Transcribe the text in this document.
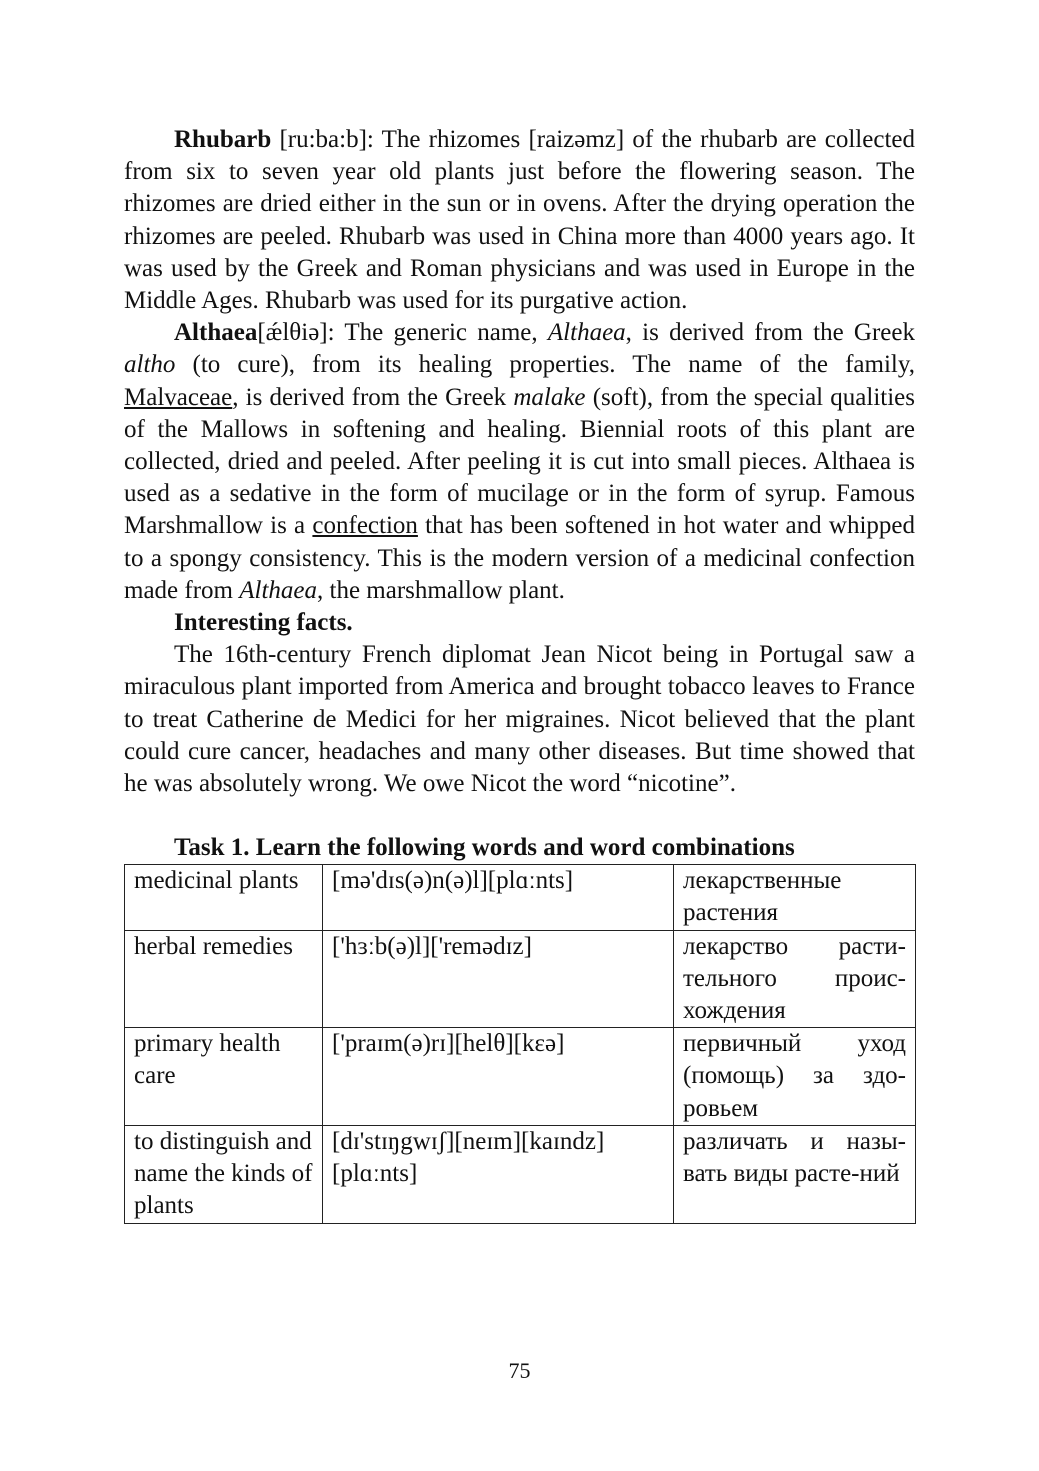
Rhubarb [ru:ba:b]: The rhizomes [raizəmz] of the rhubarb are collected from six to seven year old plants just before the flowering season. The rhizomes are dried either in the sun or in ovens. After the drying operation the rhizomes are peeled. Rhubarb was used in China more than 4000 years ago. It was used by the Greek and Roman physicians and was used in Europe in the Middle Ages. Rhubarb was used for its purgative action.

Althaea[ǽlθiə]: The generic name, Althaea, is derived from the Greek altho (to cure), from its healing properties. The name of the family, Malvaceae, is derived from the Greek malake (soft), from the special qualities of the Mallows in softening and healing. Biennial roots of this plant are collected, dried and peeled. After peeling it is cut into small pieces. Althaea is used as a sedative in the form of mucilage or in the form of syrup. Famous Marshmallow is a confection that has been softened in hot water and whipped to a spongy consistency. This is the modern version of a medicinal confection made from Althaea, the marshmallow plant.

Interesting facts.

The 16th-century French diplomat Jean Nicot being in Portugal saw a miraculous plant imported from America and brought tobacco leaves to France to treat Catherine de Medici for her migraines. Nicot believed that the plant could cure cancer, headaches and many other diseases. But time showed that he was absolutely wrong. We owe Nicot the word “nicotine”.

Task 1. Learn the following words and word combinations
medicinal plants	[mə'dɪs(ə)n(ə)l][plɑːnts]	лекарственные растения
herbal remedies	['hɜːb(ə)l]['remədɪz]	лекарство расти-тельного проис-хождения
primary health care	['praɪm(ə)rɪ][helθ][kɛə]	первичный уход (помощь) за здо-ровьем
to distinguish and name the kinds of plants	[dɪ'stɪŋgwɪʃ][neɪm][kaɪndz] [plɑːnts]	различать и назы-вать виды расте-ний
75
